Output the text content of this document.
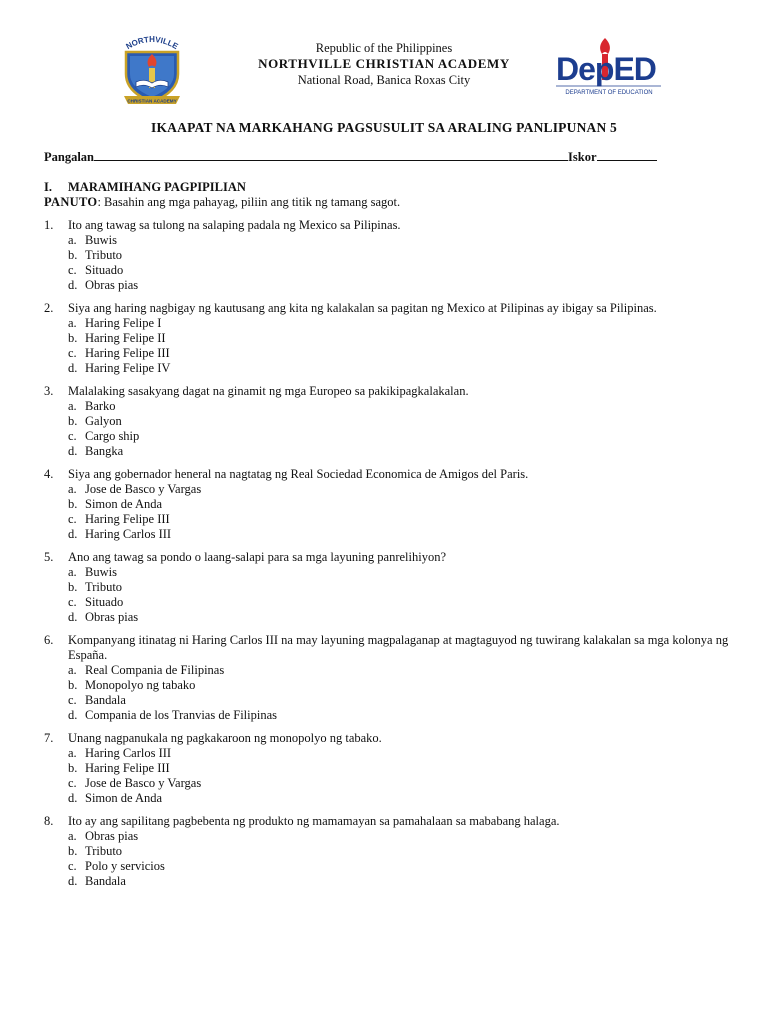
NORTHVILLE
CHRISTIAN ACADEMY
Republic of the Philippines
NORTHVILLE CHRISTIAN ACADEMY
National Road, Banica Roxas City	DepED
DEPARTMENT OF EDUCATION
IKAAPAT NA MARKAHANG PAGSUSULIT SA ARALING PANLIPUNAN 5
Pangalan	Iskor
I. MARAMIHANG PAGPIPILIAN
PANUTO: Basahin ang mga pahayag, piliin ang titik ng tamang sagot.
1.	Ito ang tawag sa tulong na salaping padala ng Mexico sa Pilipinas.
a. Buwis
b. Tributo
c. Situado
d. Obras pias
2.	Siya ang haring nagbigay ng kautusang ang kita ng kalakalan sa pagitan ng Mexico at Pilipinas ay ibigay sa Pilipinas.
a. Haring Felipe I
b. Haring Felipe II
c. Haring Felipe III
d. Haring Felipe IV
3.	Malalaking sasakyang dagat na ginamit ng mga Europeo sa pakikipagkalakalan.
a. Barko
b. Galyon
c. Cargo ship
d. Bangka
4.	Siya ang gobernador heneral na nagtatag ng Real Sociedad Economica de Amigos del Paris.
a. Jose de Basco y Vargas
b. Simon de Anda
c. Haring Felipe III
d. Haring Carlos III
5.	Ano ang tawag sa pondo o laang-salapi para sa mga layuning panrelihiyon?
a. Buwis
b. Tributo
c. Situado
d. Obras pias
6.	Kompanyang itinatag ni Haring Carlos III na may layuning magpalaganap at magtaguyod ng tuwirang kalakalan sa mga kolonya ng España.
a. Real Compania de Filipinas
b. Monopolyo ng tabako
c. Bandala
d. Compania de los Tranvias de Filipinas
7.	Unang nagpanukala ng pagkakaroon ng monopolyo ng tabako.
a. Haring Carlos III
b. Haring Felipe III
c. Jose de Basco y Vargas
d. Simon de Anda
8.	Ito ay ang sapilitang pagbebenta ng produkto ng mamamayan sa pamahalaan sa mababang halaga.
a. Obras pias
b. Tributo
c. Polo y servicios
d. Bandala
